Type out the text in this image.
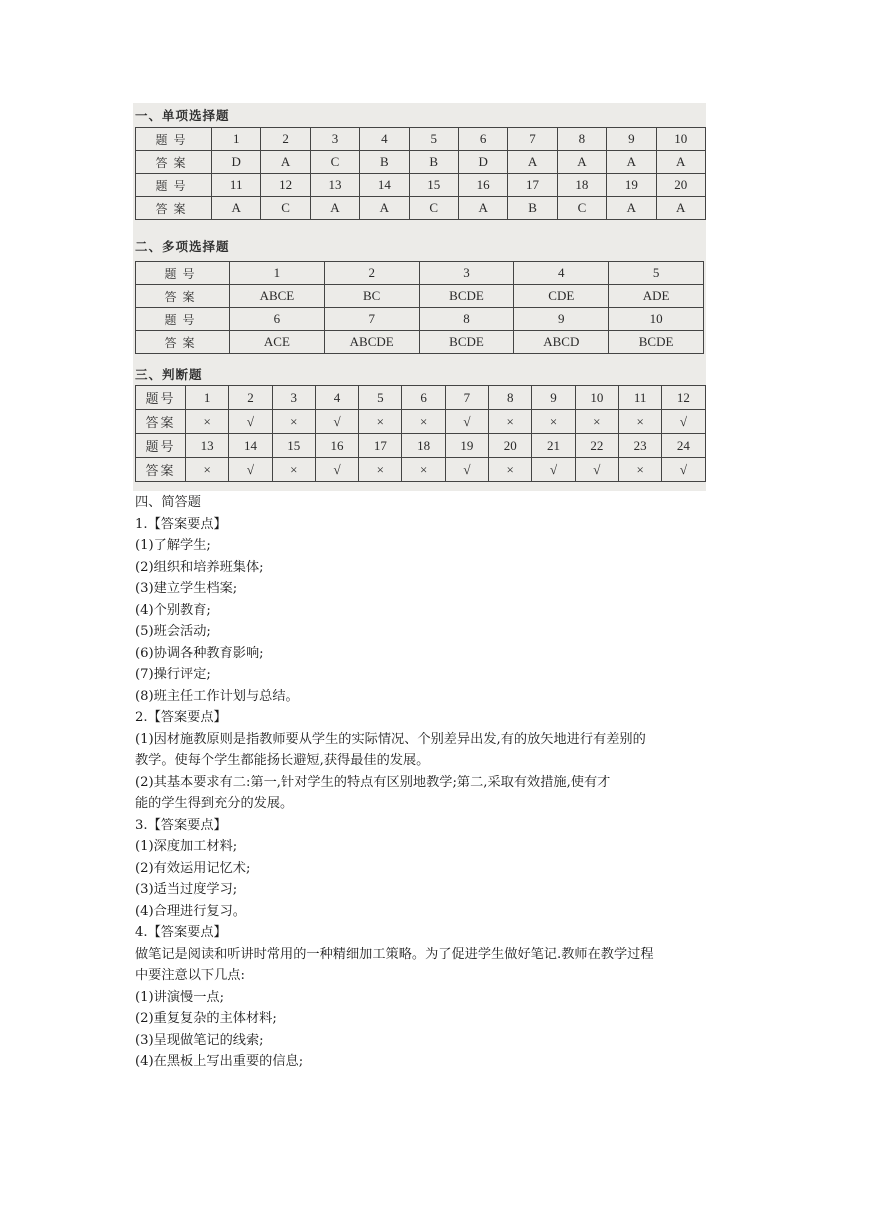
一、单项选择题
题号	1	2	3	4	5	6	7	8	9	10
答案	D	A	C	B	B	D	A	A	A	A
题号	11	12	13	14	15	16	17	18	19	20
答案	A	C	A	A	C	A	B	C	A	A
二、多项选择题
题号	1	2	3	4	5
答案	ABCE	BC	BCDE	CDE	ADE
题号	6	7	8	9	10
答案	ACE	ABCDE	BCDE	ABCD	BCDE
三、判断题
题号	1	2	3	4	5	6	7	8	9	10	11	12
答案	×	√	×	√	×	×	√	×	×	×	×	√
题号	13	14	15	16	17	18	19	20	21	22	23	24
答案	×	√	×	√	×	×	√	×	√	√	×	√

四、简答题

1.【答案要点】

(1)了解学生;

(2)组织和培养班集体;

(3)建立学生档案;

(4)个别教育;

(5)班会活动;

(6)协调各种教育影响;

(7)操行评定;

(8)班主任工作计划与总结。

2.【答案要点】

(1)因材施教原则是指教师要从学生的实际情况、个别差异出发,有的放矢地进行有差别的

教学。使每个学生都能扬长避短,获得最佳的发展。

(2)其基本要求有二:第一,针对学生的特点有区别地教学;第二,采取有效措施,使有才

能的学生得到充分的发展。

3.【答案要点】

(1)深度加工材料;

(2)有效运用记忆术;

(3)适当过度学习;

(4)合理进行复习。

4.【答案要点】

做笔记是阅读和听讲时常用的一种精细加工策略。为了促进学生做好笔记.教师在教学过程

中要注意以下几点:

(1)讲演慢一点;

(2)重复复杂的主体材料;

(3)呈现做笔记的线索;

(4)在黑板上写出重要的信息;
